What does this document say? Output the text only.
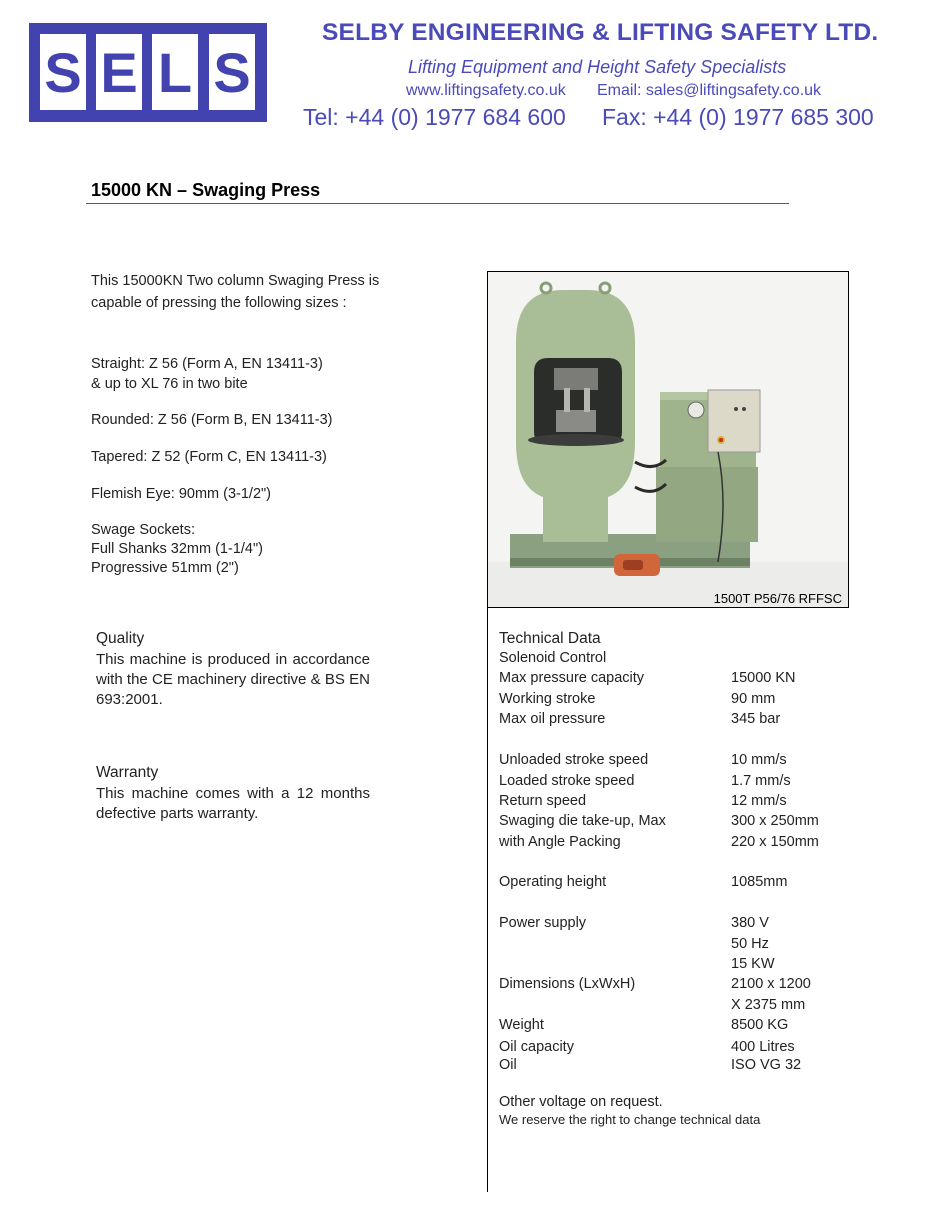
S E L S
SELBY ENGINEERING & LIFTING SAFETY LTD.
Lifting Equipment and Height Safety Specialists
www.liftingsafety.co.uk Email: sales@liftingsafety.co.uk
Tel: +44 (0) 1977 684 600 Fax: +44 (0) 1977 685 300
15000 KN – Swaging Press
This 15000KN Two column Swaging Press is
capable of pressing the following sizes :
Straight: Z 56 (Form A, EN 13411-3)
& up to XL 76 in two bite
Rounded: Z 56 (Form B, EN 13411-3)
Tapered: Z 52 (Form C, EN 13411-3)
Flemish Eye: 90mm (3-1/2")
Swage Sockets:
Full Shanks 32mm (1-1/4")
Progressive 51mm (2")
Quality
This machine is produced in accordance with the CE machinery directive & BS EN 693:2001.
Warranty
This machine comes with a 12 months defective parts warranty.
1500T P56/76 RFFSC
Technical Data
Solenoid Control
Max pressure capacity	15000 KN
Working stroke	90 mm
Max oil pressure	345 bar
Unloaded stroke speed	10 mm/s
Loaded stroke speed	1.7 mm/s
Return speed	12 mm/s
Swaging die take-up, Max	300 x 250mm
with Angle Packing	220 x 150mm
Operating height	1085mm
Power supply	380 V
50 Hz
15 KW
Dimensions (LxWxH)	2100 x 1200
X 2375 mm
Weight	8500 KG
Oil capacity	400 Litres
Oil	ISO VG 32
Other voltage on request.
We reserve the right to change technical data
